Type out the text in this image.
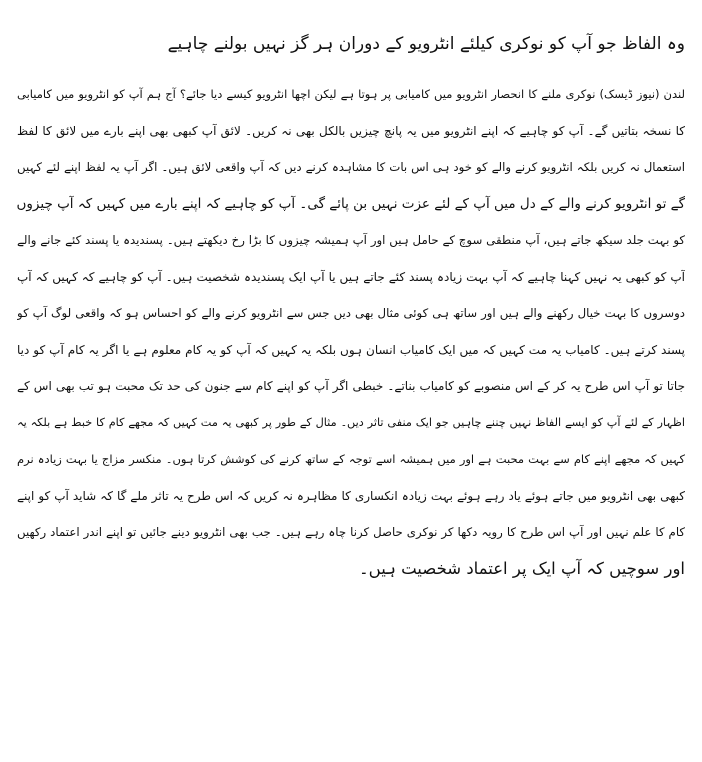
وہ الفاظ جو آپ کو نوکری کیلئے انٹرویو کے دوران ہر گز نہیں بولنے چاہیے
لندن (نیوز ڈیسک) نوکری ملنے کا انحصار انٹرویو میں کامیابی پر ہوتا ہے لیکن اچھا انٹرویو کیسے دیا جائے؟ آج ہم آپ کو انٹرویو میں کامیابی
کا نسخہ بتاتیں گے۔ آپ کو چاہیے کہ اپنے انٹرویو میں یہ پانچ چیزیں بالکل بھی نہ کریں۔ لائق آپ کبھی بھی اپنے بارے میں لائق کا لفظ
استعمال نہ کریں بلکہ انٹرویو کرنے والے کو خود ہی اس بات کا مشاہدہ کرنے دیں کہ آپ واقعی لائق ہیں۔ اگر آپ یہ لفظ اپنے لئے کہیں
گے تو انٹرویو کرنے والے کے دل میں آپ کے لئے عزت نہیں بن پائے گی۔ آپ کو چاہیے کہ اپنے بارے میں کہیں کہ آپ چیزوں
کو بہت جلد سیکھ جاتے ہیں، آپ منطقی سوچ کے حامل ہیں اور آپ ہمیشہ چیزوں کا بڑا رخ دیکھتے ہیں۔ پسندیدہ یا پسند کئے جانے والے
آپ کو کبھی یہ نہیں کہنا چاہیے کہ آپ بہت زیادہ پسند کئے جاتے ہیں یا آپ ایک پسندیدہ شخصیت ہیں۔ آپ کو چاہیے کہ کہیں کہ آپ
دوسروں کا بہت خیال رکھنے والے ہیں اور ساتھ ہی کوئی مثال بھی دیں جس سے انٹرویو کرنے والے کو احساس ہو کہ واقعی لوگ آپ کو
پسند کرتے ہیں۔ کامیاب یہ مت کہیں کہ میں ایک کامیاب انسان ہوں بلکہ یہ کہیں کہ آپ کو یہ کام معلوم ہے یا اگر یہ کام آپ کو دیا
جاتا تو آپ اس طرح یہ کر کے اس منصوبے کو کامیاب بناتے۔ خبطی اگر آپ کو اپنے کام سے جنون کی حد تک محبت ہو تب بھی اس کے
اظہار کے لئے آپ کو ایسے الفاظ نہیں چننے چاہیں جو ایک منفی تاثر دیں۔ مثال کے طور پر کبھی یہ مت کہیں کہ مجھے کام کا خبط ہے بلکہ یہ
کہیں کہ مجھے اپنے کام سے بہت محبت ہے اور میں ہمیشہ اسے توجہ کے ساتھ کرنے کی کوشش کرتا ہوں۔ منکسر مزاج یا بہت زیادہ نرم
کبھی بھی انٹرویو میں جاتے ہوئے یاد رہے ہوئے بہت زیادہ انکساری کا مظاہرہ نہ کریں کہ اس طرح یہ تاثر ملے گا کہ شاید آپ کو اپنے
کام کا علم نہیں اور آپ اس طرح کا رویہ دکھا کر نوکری حاصل کرنا چاہ رہے ہیں۔ جب بھی انٹرویو دینے جائیں تو اپنے اندر اعتماد رکھیں
اور سوچیں کہ آپ ایک پر اعتماد شخصیت ہیں۔
